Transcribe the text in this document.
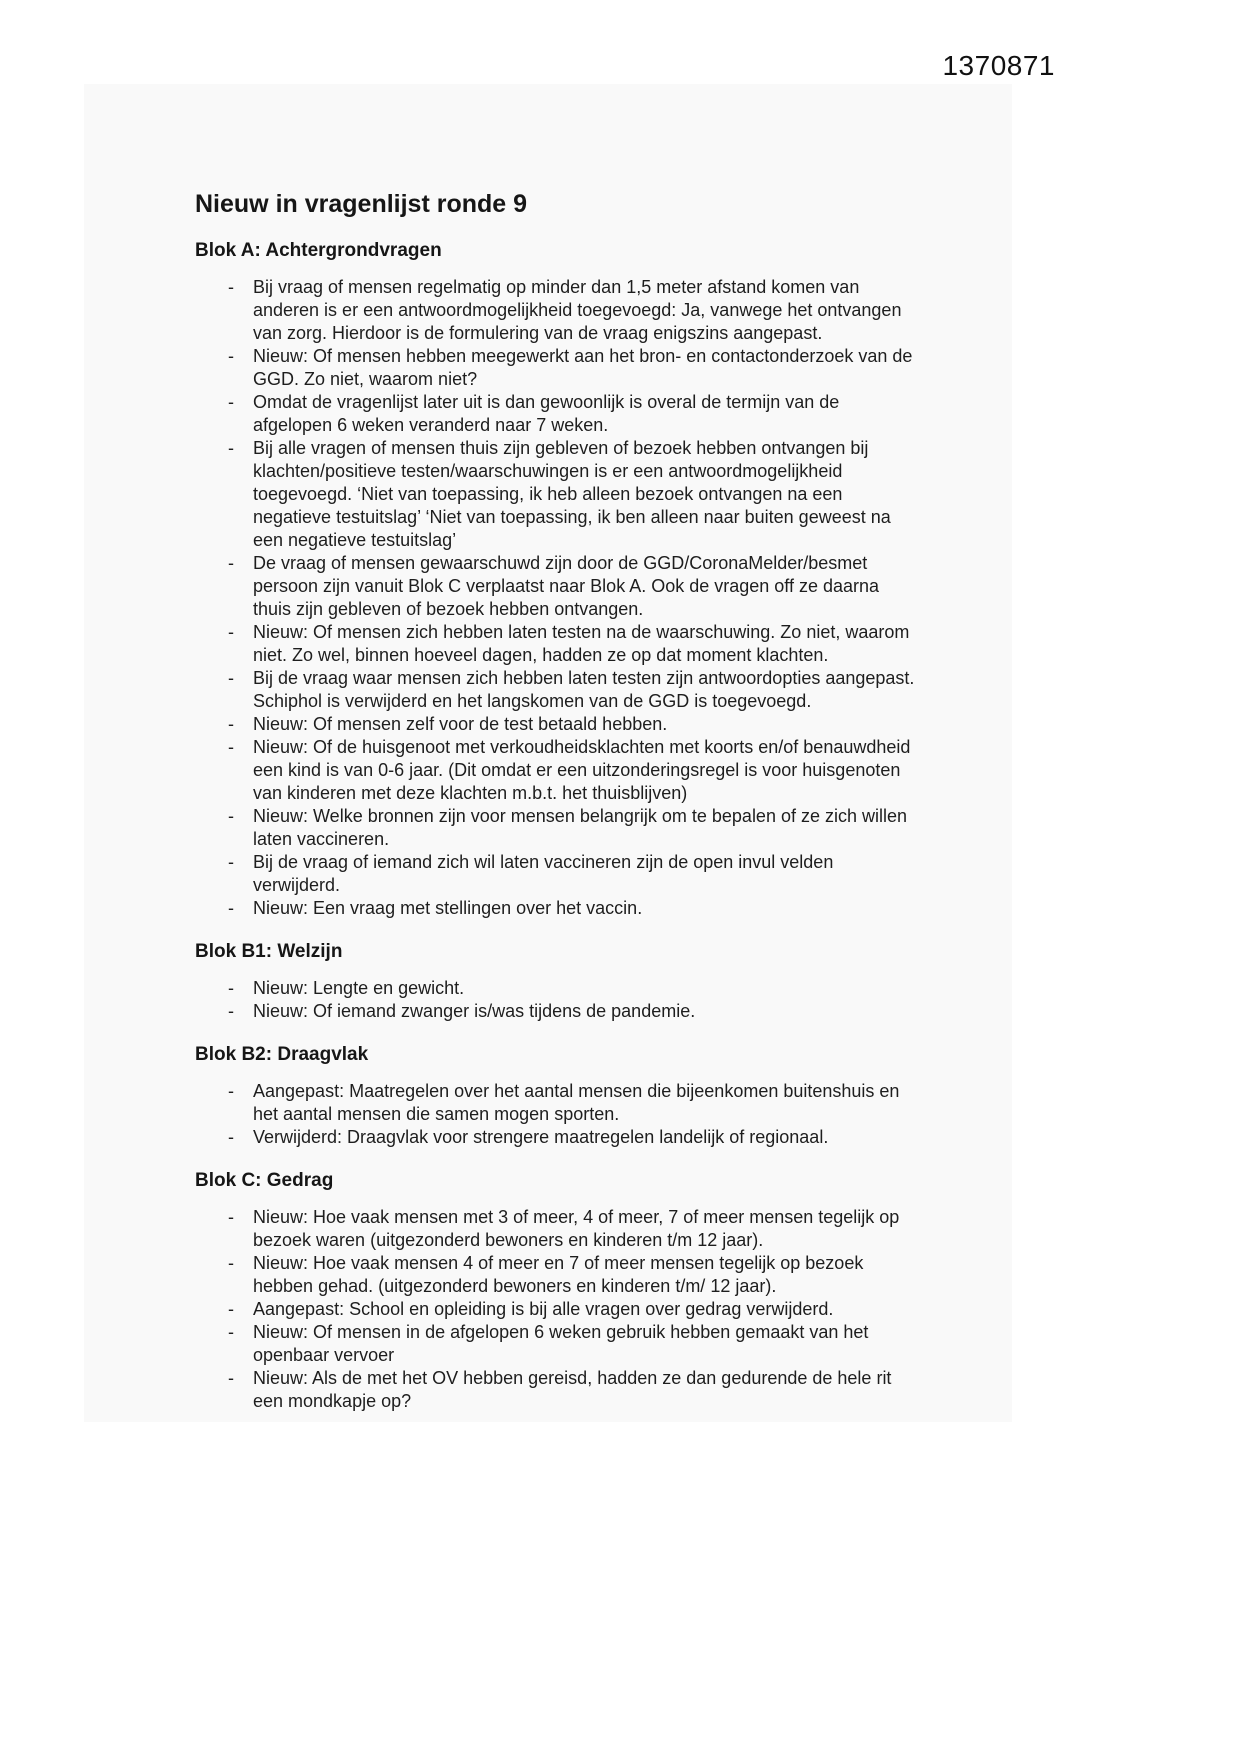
1370871
Nieuw in vragenlijst ronde 9
Blok A: Achtergrondvragen
-	Bij vraag of mensen regelmatig op minder dan 1,5 meter afstand komen van anderen is er een antwoordmogelijkheid toegevoegd: Ja, vanwege het ontvangen van zorg. Hierdoor is de formulering van de vraag enigszins aangepast.
-	Nieuw: Of mensen hebben meegewerkt aan het bron- en contactonderzoek van de GGD. Zo niet, waarom niet?
-	Omdat de vragenlijst later uit is dan gewoonlijk is overal de termijn van de afgelopen 6 weken veranderd naar 7 weken.
-	Bij alle vragen of mensen thuis zijn gebleven of bezoek hebben ontvangen bij klachten/positieve testen/waarschuwingen is er een antwoordmogelijkheid toegevoegd. ‘Niet van toepassing, ik heb alleen bezoek ontvangen na een negatieve testuitslag’ ‘Niet van toepassing, ik ben alleen naar buiten geweest na een negatieve testuitslag’
-	De vraag of mensen gewaarschuwd zijn door de GGD/CoronaMelder/besmet persoon zijn vanuit Blok C verplaatst naar Blok A. Ook de vragen off ze daarna thuis zijn gebleven of bezoek hebben ontvangen.
-	Nieuw: Of mensen zich hebben laten testen na de waarschuwing. Zo niet, waarom niet. Zo wel, binnen hoeveel dagen, hadden ze op dat moment klachten.
-	Bij de vraag waar mensen zich hebben laten testen zijn antwoordopties aangepast. Schiphol is verwijderd en het langskomen van de GGD is toegevoegd.
-	Nieuw: Of mensen zelf voor de test betaald hebben.
-	Nieuw: Of de huisgenoot met verkoudheidsklachten met koorts en/of benauwdheid een kind is van 0-6 jaar. (Dit omdat er een uitzonderingsregel is voor huisgenoten van kinderen met deze klachten m.b.t. het thuisblijven)
-	Nieuw: Welke bronnen zijn voor mensen belangrijk om te bepalen of ze zich willen laten vaccineren.
-	Bij de vraag of iemand zich wil laten vaccineren zijn de open invul velden verwijderd.
-	Nieuw: Een vraag met stellingen over het vaccin.
Blok B1: Welzijn
-	Nieuw: Lengte en gewicht.
-	Nieuw: Of iemand zwanger is/was tijdens de pandemie.
Blok B2: Draagvlak
-	Aangepast: Maatregelen over het aantal mensen die bijeenkomen buitenshuis en het aantal mensen die samen mogen sporten.
-	Verwijderd: Draagvlak voor strengere maatregelen landelijk of regionaal.
Blok C: Gedrag
-	Nieuw: Hoe vaak mensen met 3 of meer, 4 of meer, 7 of meer mensen tegelijk op bezoek waren (uitgezonderd bewoners en kinderen t/m 12 jaar).
-	Nieuw: Hoe vaak mensen 4 of meer en 7 of meer mensen tegelijk op bezoek hebben gehad. (uitgezonderd bewoners en kinderen t/m/ 12 jaar).
-	Aangepast: School en opleiding is bij alle vragen over gedrag verwijderd.
-	Nieuw: Of mensen in de afgelopen 6 weken gebruik hebben gemaakt van het openbaar vervoer
-	Nieuw: Als de met het OV hebben gereisd, hadden ze dan gedurende de hele rit een mondkapje op?
